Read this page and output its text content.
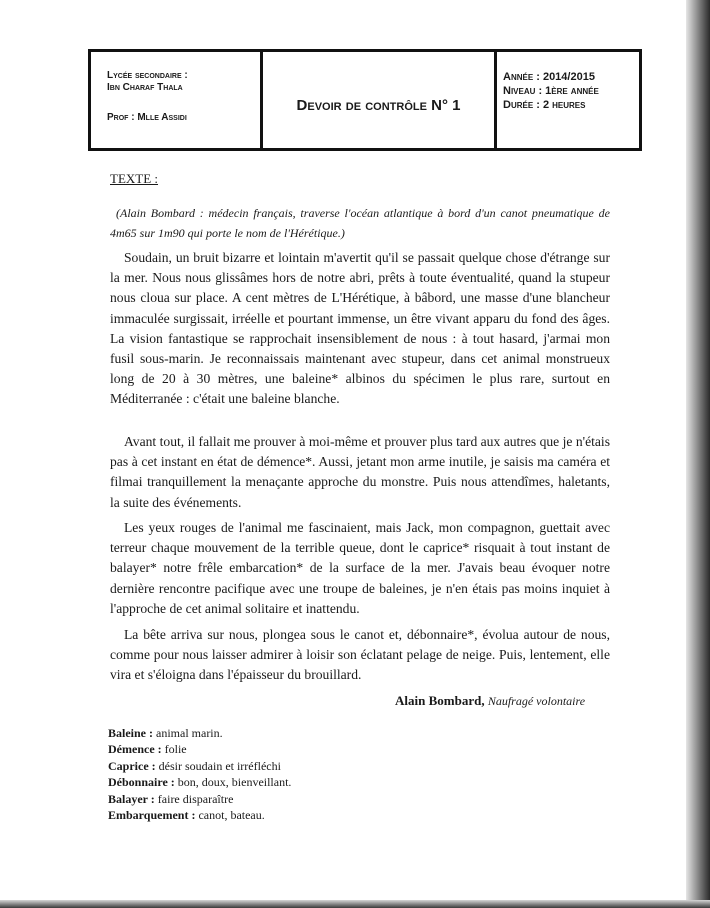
Lycée secondaire :
Ibn Charaf Thala
Prof : Mlle Assidi
Devoir de contrôle N° 1
Année : 2014/2015
Niveau : 1ère année
Durée : 2 heures
TEXTE :
(Alain Bombard : médecin français, traverse l'océan atlantique à bord d'un canot pneumatique de 4m65 sur 1m90 qui porte le nom de l'Hérétique.)
Soudain, un bruit bizarre et lointain m'avertit qu'il se passait quelque chose d'étrange sur la mer. Nous nous glissâmes hors de notre abri, prêts à toute éventualité, quand la stupeur nous cloua sur place. A cent mètres de L'Hérétique, à bâbord, une masse d'une blancheur immaculée surgissait, irréelle et pourtant immense, un être vivant apparu du fond des âges. La vision fantastique se rapprochait insensiblement de nous : à tout hasard, j'armai mon fusil sous-marin. Je reconnaissais maintenant avec stupeur, dans cet animal monstrueux long de 20 à 30 mètres, une baleine* albinos du spécimen le plus rare, surtout en Méditerranée : c'était une baleine blanche.
Avant tout, il fallait me prouver à moi-même et prouver plus tard aux autres que je n'étais pas à cet instant en état de démence*. Aussi, jetant mon arme inutile, je saisis ma caméra et filmai tranquillement la menaçante approche du monstre. Puis nous attendîmes, haletants, la suite des événements.
Les yeux rouges de l'animal me fascinaient, mais Jack, mon compagnon, guettait avec terreur chaque mouvement de la terrible queue, dont le caprice* risquait à tout instant de balayer* notre frêle embarcation* de la surface de la mer. J'avais beau évoquer notre dernière rencontre pacifique avec une troupe de baleines, je n'en étais pas moins inquiet à l'approche de cet animal solitaire et inattendu.
La bête arriva sur nous, plongea sous le canot et, débonnaire*, évolua autour de nous, comme pour nous laisser admirer à loisir son éclatant pelage de neige. Puis, lentement, elle vira et s'éloigna dans l'épaisseur du brouillard.
Alain Bombard, Naufragé volontaire
Baleine : animal marin.
Démence : folie
Caprice : désir soudain et irréfléchi
Débonnaire : bon, doux, bienveillant.
Balayer : faire disparaître
Embarquement : canot, bateau.
